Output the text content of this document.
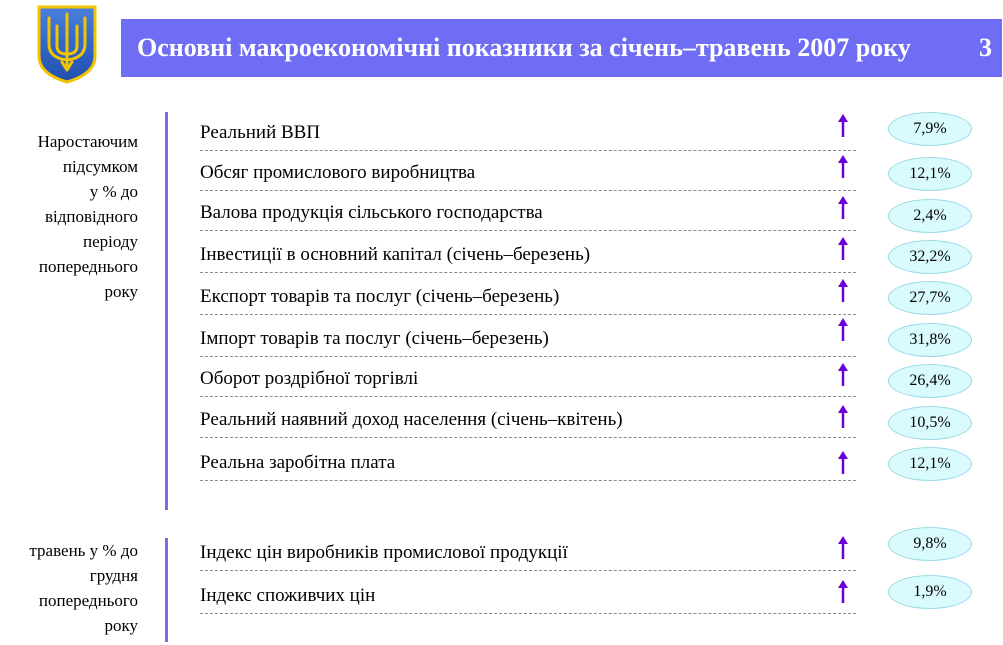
Основні макроекономічні показники за січень–травень 2007 року	3
Наростаючим
підсумком
у % до
відповідного
періоду
попереднього
року
травень у % до
грудня
попереднього
року
Реальний ВВП
Обсяг промислового виробництва
Валова продукція сільського господарства
Інвестиції в основний капітал (січень–березень)
Експорт товарів та послуг (січень–березень)
Імпорт товарів та послуг (січень–березень)
Оборот роздрібної торгівлі
Реальний наявний доход населення (січень–квітень)
Реальна заробітна плата
Індекс цін виробників промислової продукції
Індекс споживчих цін
7,9%
12,1%
2,4%
32,2%
27,7%
31,8%
26,4%
10,5%
12,1%
9,8%
1,9%
